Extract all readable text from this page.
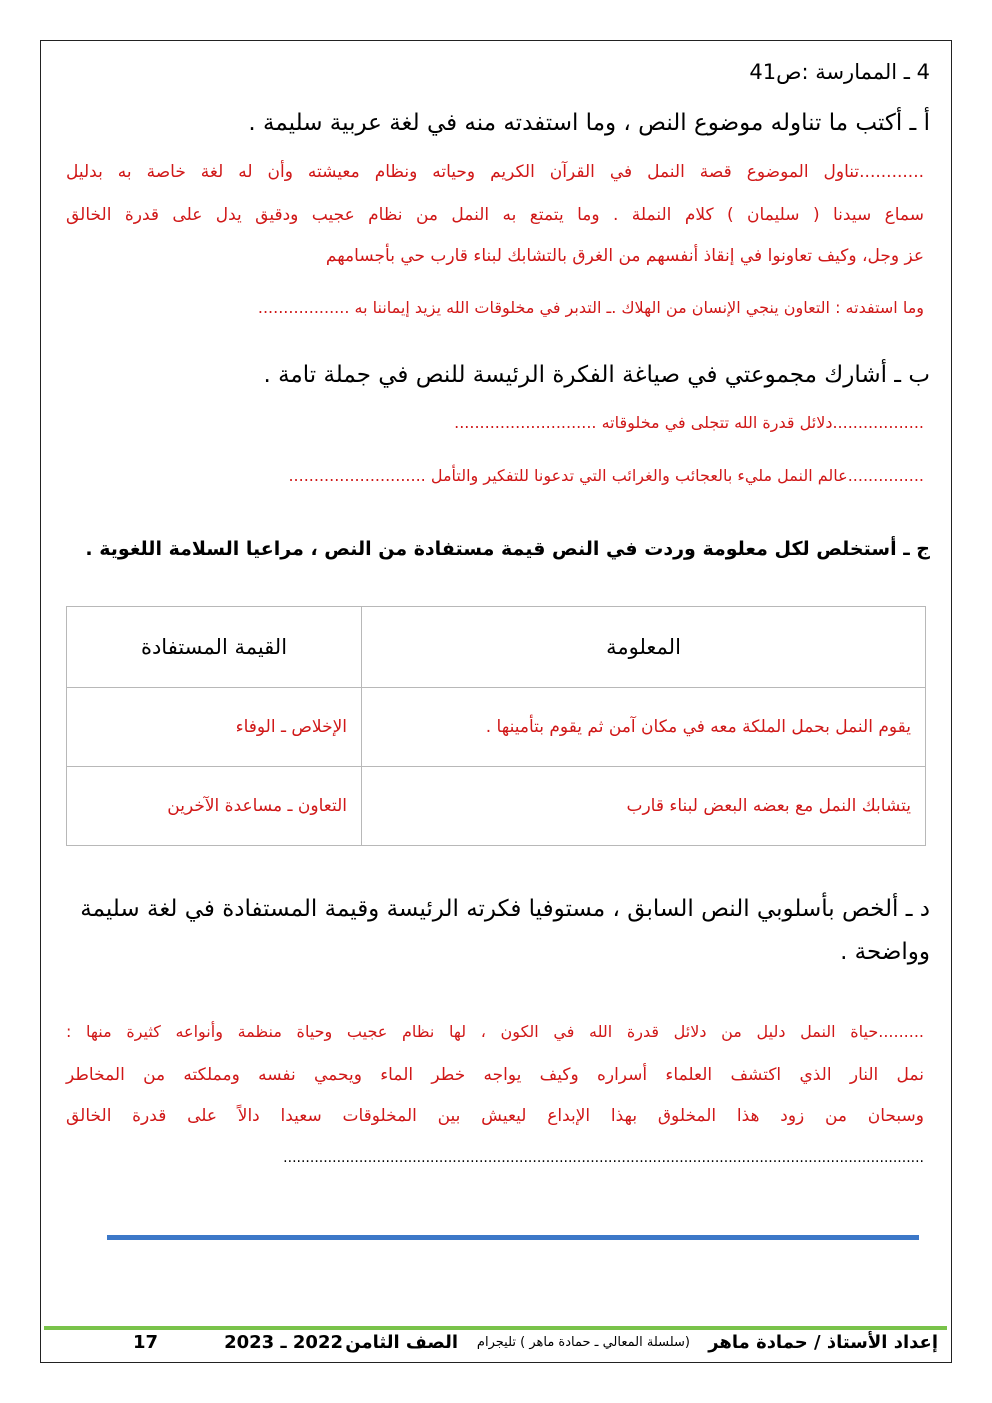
4 ـ الممارسة :ص41
أ ـ أكتب ما تناوله موضوع النص ، وما استفدته منه في لغة عربية سليمة .
............تناول الموضوع قصة النمل في القرآن الكريم وحياته ونظام معيشته وأن له لغة خاصة به بدليل
سماع سيدنا ( سليمان ) كلام النملة . وما يتمتع به النمل من نظام عجيب ودقيق يدل على قدرة الخالق
عز وجل، وكيف تعاونوا في إنقاذ أنفسهم من الغرق بالتشابك لبناء قارب حي بأجسامهم
وما استفدته : التعاون ينجي الإنسان من الهلاك .ـ التدبر في مخلوقات الله يزيد إيماننا به ..................
ب ـ أشارك مجموعتي في صياغة الفكرة الرئيسة للنص في جملة تامة .
..................دلائل قدرة الله تتجلى في مخلوقاته ............................
...............عالم النمل مليء بالعجائب والغرائب التي تدعونا للتفكير والتأمل ...........................
ج ـ أستخلص لكل معلومة وردت في النص قيمة مستفادة من النص ، مراعيا السلامة اللغوية .
المعلومة	القيمة المستفادة
يقوم النمل بحمل الملكة معه في مكان آمن ثم يقوم بتأمينها .	الإخلاص ـ الوفاء
يتشابك النمل مع بعضه البعض لبناء قارب	التعاون ـ مساعدة الآخرين
د ـ ألخص بأسلوبي النص السابق ، مستوفيا فكرته الرئيسة وقيمة المستفادة في لغة سليمة
وواضحة .
.........حياة النمل دليل من دلائل قدرة الله في الكون ، لها نظام عجيب وحياة منظمة وأنواعه كثيرة منها :
نمل النار الذي اكتشف العلماء أسراره وكيف يواجه خطر الماء ويحمي نفسه ومملكته من المخاطر
وسبحان من زود هذا المخلوق بهذا الإبداع ليعيش بين المخلوقات سعيدا دالاً على قدرة الخالق
................................................................................................................................................
إعداد الأستاذ / حمادة ماهر
(سلسلة المعالي ـ حمادة ماهر ) تليجرام
الصف الثامن
2022 ـ 2023
17
